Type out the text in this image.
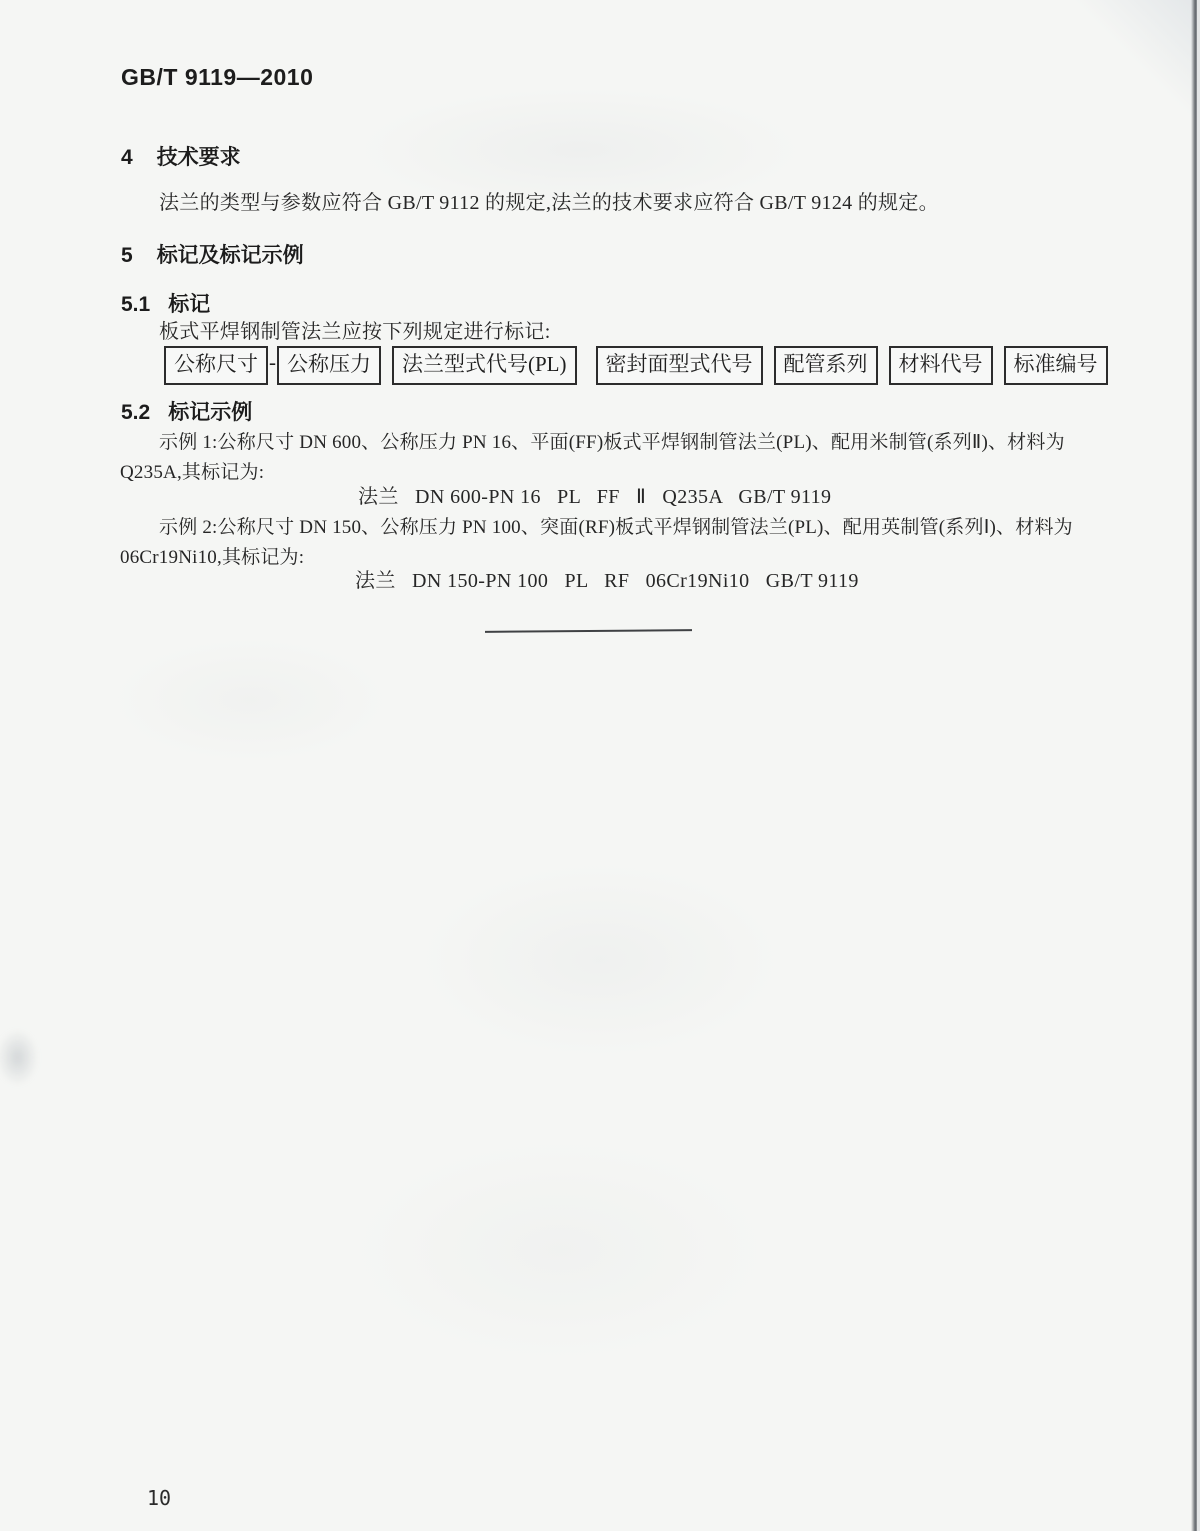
GB/T 9119—2010
4 技术要求
法兰的类型与参数应符合 GB/T 9112 的规定,法兰的技术要求应符合 GB/T 9124 的规定。
5 标记及标记示例
5.1 标记
板式平焊钢制管法兰应按下列规定进行标记:
公称尺寸 - 公称压力	法兰型式代号(PL)	密封面型式代号	配管系列	材料代号	标准编号
5.2 标记示例
示例 1:公称尺寸 DN 600、公称压力 PN 16、平面(FF)板式平焊钢制管法兰(PL)、配用米制管(系列Ⅱ)、材料为
Q235A,其标记为:
法兰   DN 600-PN 16   PL   FF   Ⅱ   Q235A   GB/T 9119
示例 2:公称尺寸 DN 150、公称压力 PN 100、突面(RF)板式平焊钢制管法兰(PL)、配用英制管(系列Ⅰ)、材料为
06Cr19Ni10,其标记为:
法兰   DN 150-PN 100   PL   RF   06Cr19Ni10   GB/T 9119
10
